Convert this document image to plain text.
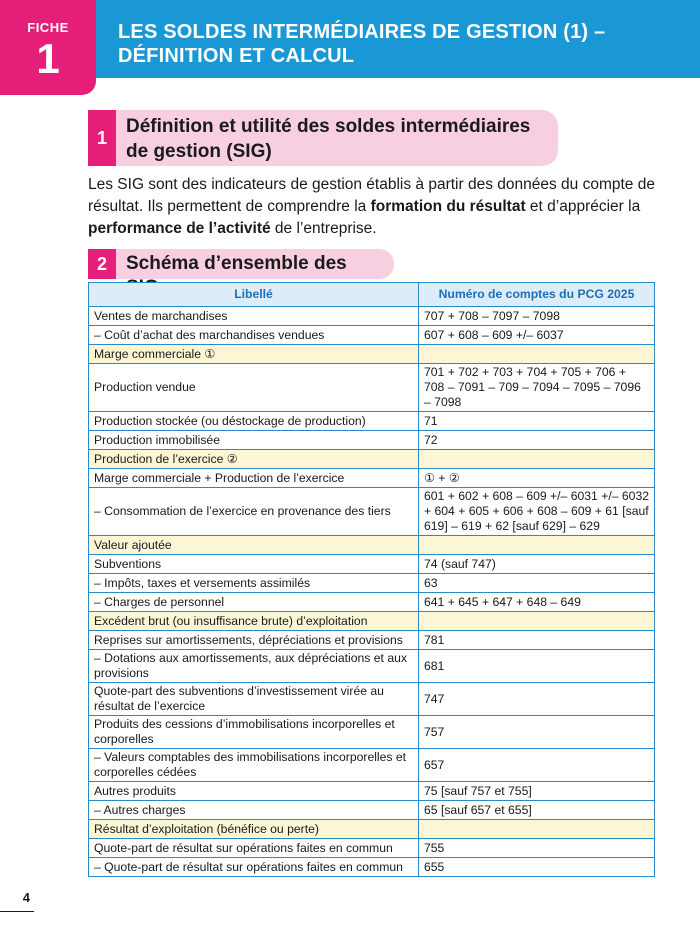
FICHE
1
LES SOLDES INTERMÉDIAIRES DE GESTION (1) – DÉFINITION ET CALCUL
1
Définition et utilité des soldes intermédiaires de gestion (SIG)

Les SIG sont des indicateurs de gestion établis à partir des données du compte de résultat. Ils permettent de comprendre la formation du résultat et d’apprécier la performance de l’activité de l’entreprise.

2	Schéma d’ensemble des
Libellé	Numéro de comptes du PCG 2025
Ventes de marchandises	707 + 708 – 7097 – 7098
– Coût d’achat des marchandises vendues	607 + 608 – 609 +/– 6037
Marge commerciale ①	
Production vendue	701 + 702 + 703 + 704 + 705 + 706 + 708 – 7091 – 709 – 7094 – 7095 – 7096 – 7098
Production stockée (ou déstockage de production)	71
Production immobilisée	72
Production de l’exercice ②	
Marge commerciale + Production de l’exercice	① + ②
– Consommation de l’exercice en provenance des tiers	601 + 602 + 608 – 609 +/– 6031 +/– 6032 + 604 + 605 + 606 + 608 – 609 + 61 [sauf 619] – 619 + 62 [sauf 629] – 629
Valeur ajoutée	
Subventions	74 (sauf 747)
– Impôts, taxes et versements assimilés	63
– Charges de personnel	641 + 645 + 647 + 648 – 649
Excédent brut (ou insuffisance brute) d’exploitation	
Reprises sur amortissements, dépréciations et provisions	781
– Dotations aux amortissements, aux dépréciations et aux provisions	681
Quote-part des subventions d’investissement virée au résultat de l’exercice	747
Produits des cessions d’immobilisations incorporelles et corporelles	757
– Valeurs comptables des immobilisations incorporelles et corporelles cédées	657
Autres produits	75 [sauf 757 et 755]
– Autres charges	65 [sauf 657 et 655]
Résultat d’exploitation (bénéfice ou perte)	
Quote-part de résultat sur opérations faites en commun	755
– Quote-part de résultat sur opérations faites en commun	655
4
